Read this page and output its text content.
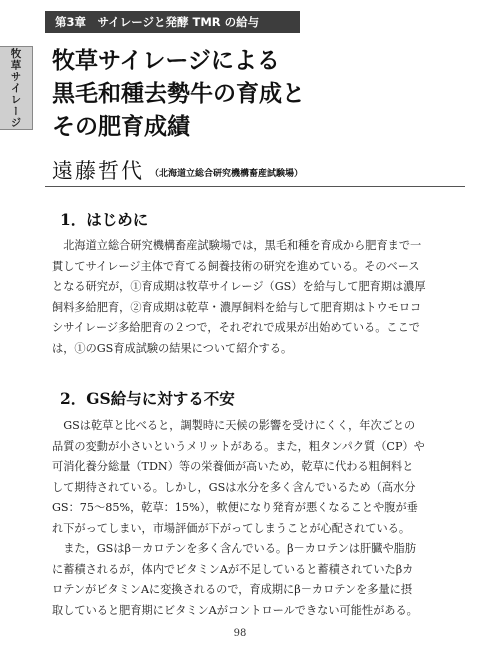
第3章　サイレージと発酵 TMR の給与
牧草サイレージ 牧草サイレージによる
黒毛和種去勢牛の育成と
その肥育成績
遠藤哲代 （北海道立総合研究機構畜産試験場）
1．はじめに
　北海道立総合研究機構畜産試験場では，黒毛和種を育成から肥育まで一
貫してサイレージ主体で育てる飼養技術の研究を進めている。そのベース
となる研究が，①育成期は牧草サイレージ（GS）を給与して肥育期は濃厚
飼料多給肥育，②育成期は乾草・濃厚飼料を給与して肥育期はトウモロコ
シサイレージ多給肥育の２つで，それぞれで成果が出始めている。ここで
は，①のGS育成試験の結果について紹介する。
2．GS給与に対する不安
　GSは乾草と比べると，調製時に天候の影響を受けにくく，年次ごとの
品質の変動が小さいというメリットがある。また，粗タンパク質（CP）や
可消化養分総量（TDN）等の栄養価が高いため，乾草に代わる粗飼料と
して期待されている。しかし，GSは水分を多く含んでいるため（高水分
GS：75〜85%，乾草：15%），軟便になり発育が悪くなることや腹が垂
れ下がってしまい，市場評価が下がってしまうことが心配されている。
　また，GSはβ－カロテンを多く含んでいる。β－カロテンは肝臓や脂肪
に蓄積されるが，体内でビタミンAが不足していると蓄積されていたβカ
ロテンがビタミンAに変換されるので，育成期にβ－カロテンを多量に摂
取していると肥育期にビタミンAがコントロールできない可能性がある。
98
